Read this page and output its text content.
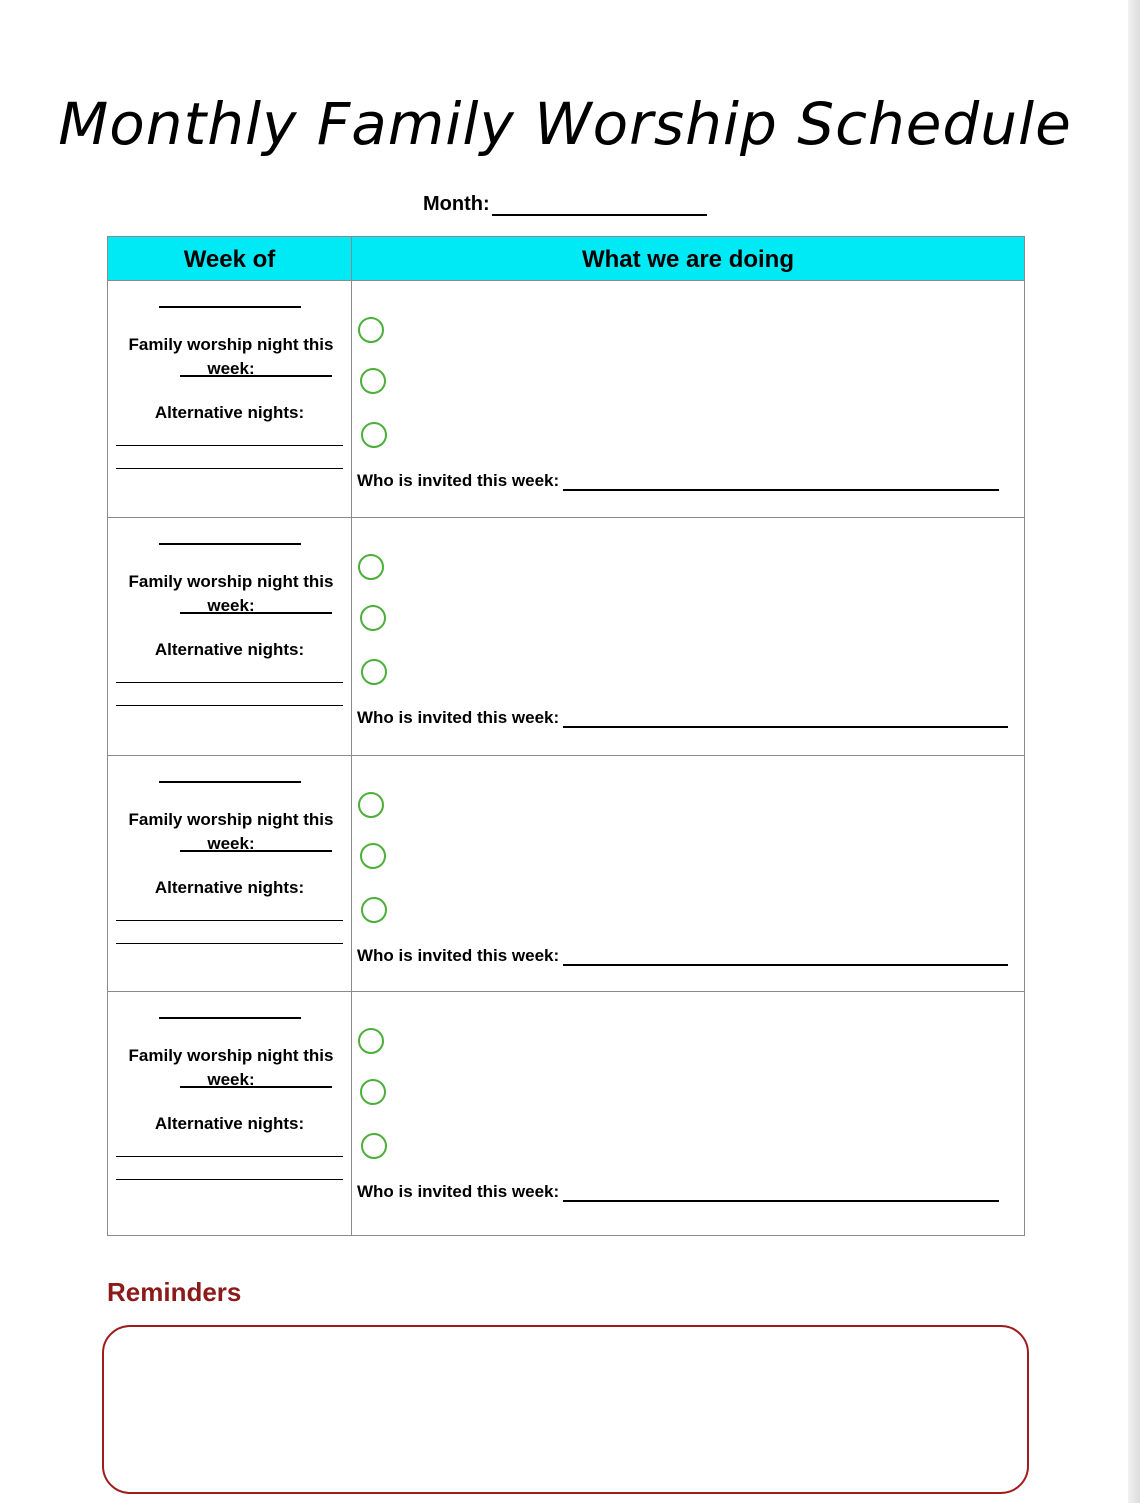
Monthly Family Worship Schedule
Month:
Week of	What we are doing
Family worship night this week:
Alternative nights:
Who is invited this week:
Family worship night this week:
Alternative nights:
Who is invited this week:
Family worship night this week:
Alternative nights:
Who is invited this week:
Family worship night this week:
Alternative nights:
Who is invited this week:
Reminders
